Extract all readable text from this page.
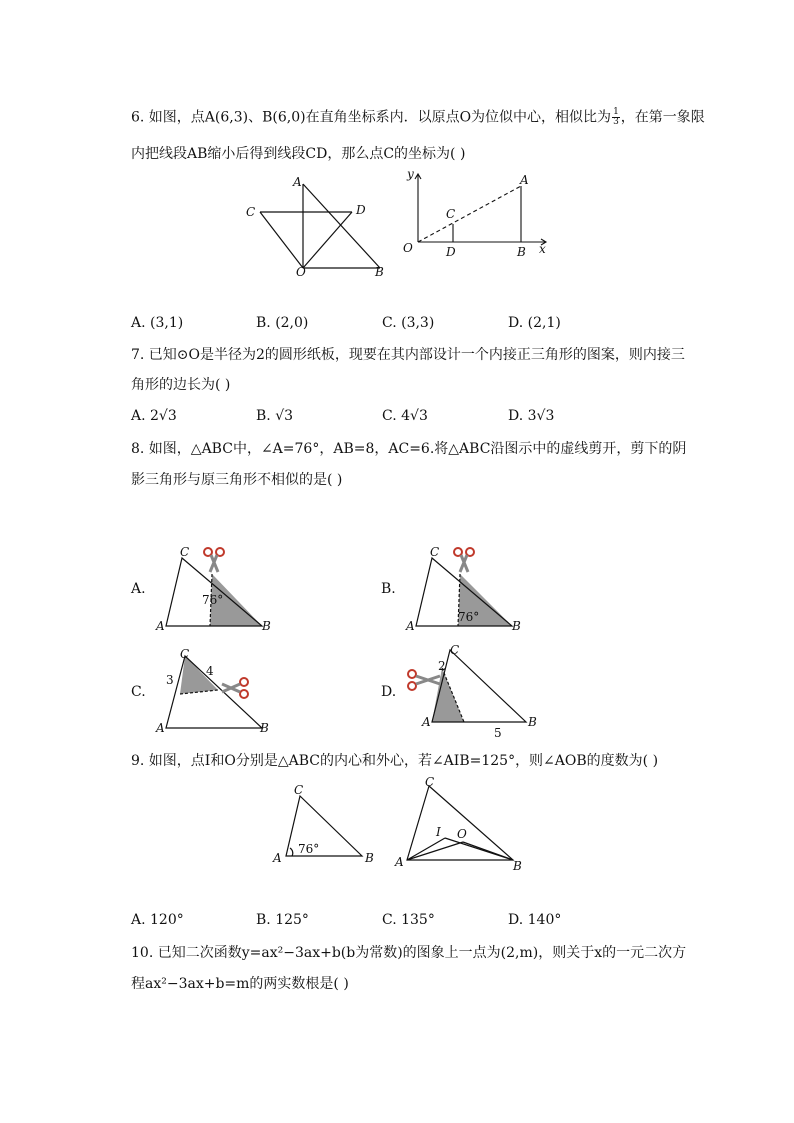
6. 如图，点A(6,3)、B(6,0)在直角坐标系内．以原点O为位似中心，相似比为 $\frac{1}{3}$ ，在第一象限
内把线段AB缩小后得到线段CD，那么点C的坐标为( )
A
C	D
O	B
y	A
C
O	D	B x
A. (3,1)	B. (2,0)	C. (3,3)	D. (2,1)
7. 已知⊙O是半径为2的圆形纸板，现要在其内部设计一个内接正三角形的图案，则内接三
角形的边长为( )
A. 2√3	B. √3	C. 4√3	D. 3√3
8. 如图，△ABC中，∠A=76°，AB=8，AC=6.将△ABC沿图示中的虚线剪开，剪下的阴
影三角形与原三角形不相似的是( )
A.
C
A	B
76°
B.
C
A	B
76°
C.
C
A	B
3
4
D.
C
A	B
2
5
9. 如图，点I和O分别是△ABC的内心和外心，若∠AIB=125°，则∠AOB的度数为( )
C
A	B
76°
C
A	B
I O
A. 120°	B. 125°	C. 135°	D. 140°
10. 已知二次函数y=ax²−3ax+b(b为常数)的图象上一点为(2,m)，则关于x的一元二次方
程ax²−3ax+b=m的两实数根是( )
